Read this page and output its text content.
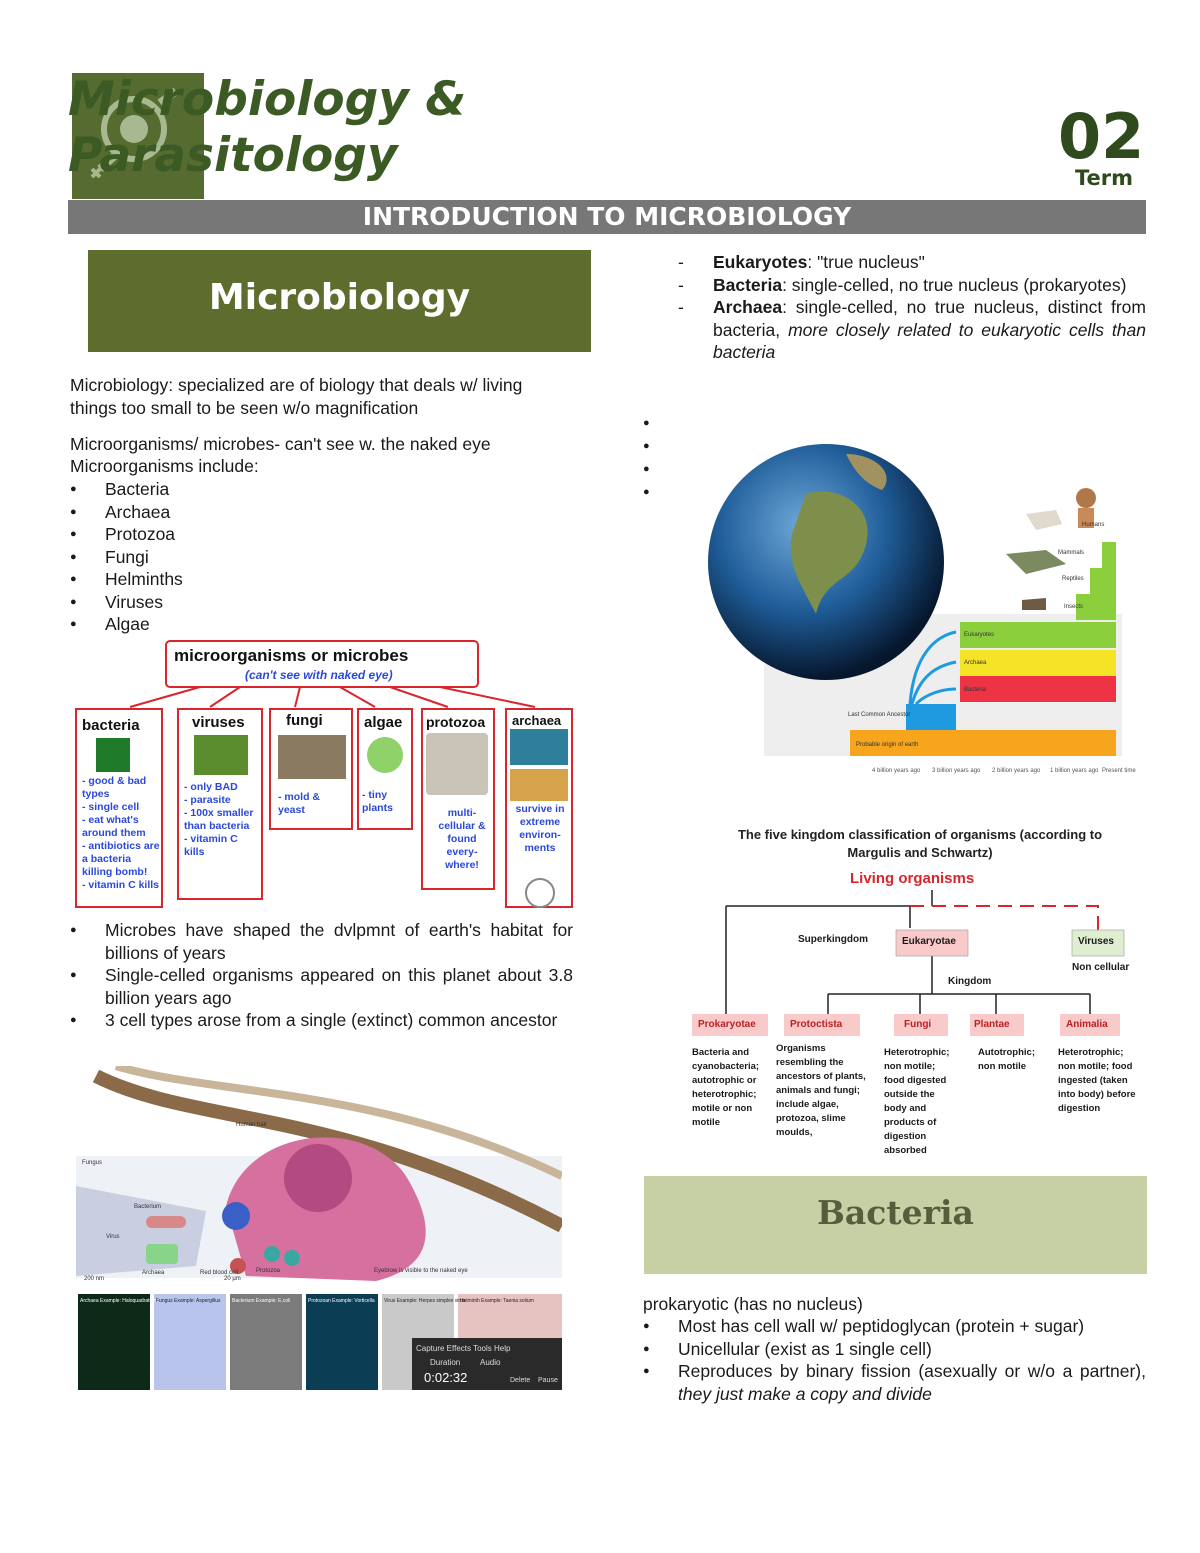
Microbiology &
Parasitology	02
Term
INTRODUCTION TO MICROBIOLOGY
Microbiology
Microbiology: specialized are of biology that deals w/ living things too small to be seen w/o magnification
Microorganisms/ microbes- can't see w. the naked eye
Microorganisms include:
● Bacteria
● Archaea
● Protozoa
● Fungi
● Helminths
● Viruses
● Algae
microorganisms or microbes
(can't see with naked eye)
bacteria	viruses	fungi	algae protozoa archaea
- good & bad types
- single cell
- eat what's around them
- antibiotics are a bacteria killing bomb!
- vitamin C kills
- only BAD
- parasite
- 100x smaller than bacteria
- vitamin C kills
- mold & yeast
- tiny plants	multi-cellular & found every-where!
survive in extreme environ-ments
● Microbes have shaped the dvlpmnt of earth's habitat for billions of years
● Single-celled organisms appeared on this planet about 3.8 billion years ago
● 3 cell types arose from a single (extinct) common ancestor
Human hair
Fungus
Bacterium
Virus
Archaea	Red blood cell	Protozoa	Eyebrow is visible to the naked eye
200 nm	20 μm
Archaea Example: Haloquadratum Fungus Example: Aspergillus Bacterium Example: E.coli	Protozoan Example: Vorticella Virus Example: Herpes simplex virus
Helminth Example: Taenia solium
Capture Effects Tools Help
Duration Audio
0:02:32	Delete Pause
- Eukaryotes: "true nucleus"
- Bacteria: single-celled, no true nucleus (prokaryotes)
- Archaea: single-celled, no true nucleus, distinct from bacteria, more closely related to eukaryotic cells than bacteria
●
●
●
●
Humans
Mammals
Reptiles
Insects
Eukaryotes
Archaea
Bacteria
Last Common Ancestor
Probable origin of earth
4 billion years ago 3 billion years ago 2 billion years ago 1 billion years ago Present time
The five kingdom classification of organisms (according to Margulis and Schwartz)
Living organisms
Superkingdom	Eukaryotae	Viruses
Non cellular
Kingdom
Prokaryotae	Protoctista	Fungi	Plantae	Animalia
Bacteria and cyanobacteria; autotrophic or heterotrophic; motile or non motile
Organisms resembling the ancestors of plants, animals and fungi; include algae, protozoa, slime moulds,
Heterotrophic; non motile; food digested outside the body and products of digestion absorbed
Autotrophic; non motile
Heterotrophic; non motile; food ingested (taken into body) before digestion
Bacteria
prokaryotic (has no nucleus)
● Most has cell wall w/ peptidoglycan (protein + sugar)
● Unicellular (exist as 1 single cell)
● Reproduces by binary fission (asexually or w/o a partner), they just make a copy and divide
